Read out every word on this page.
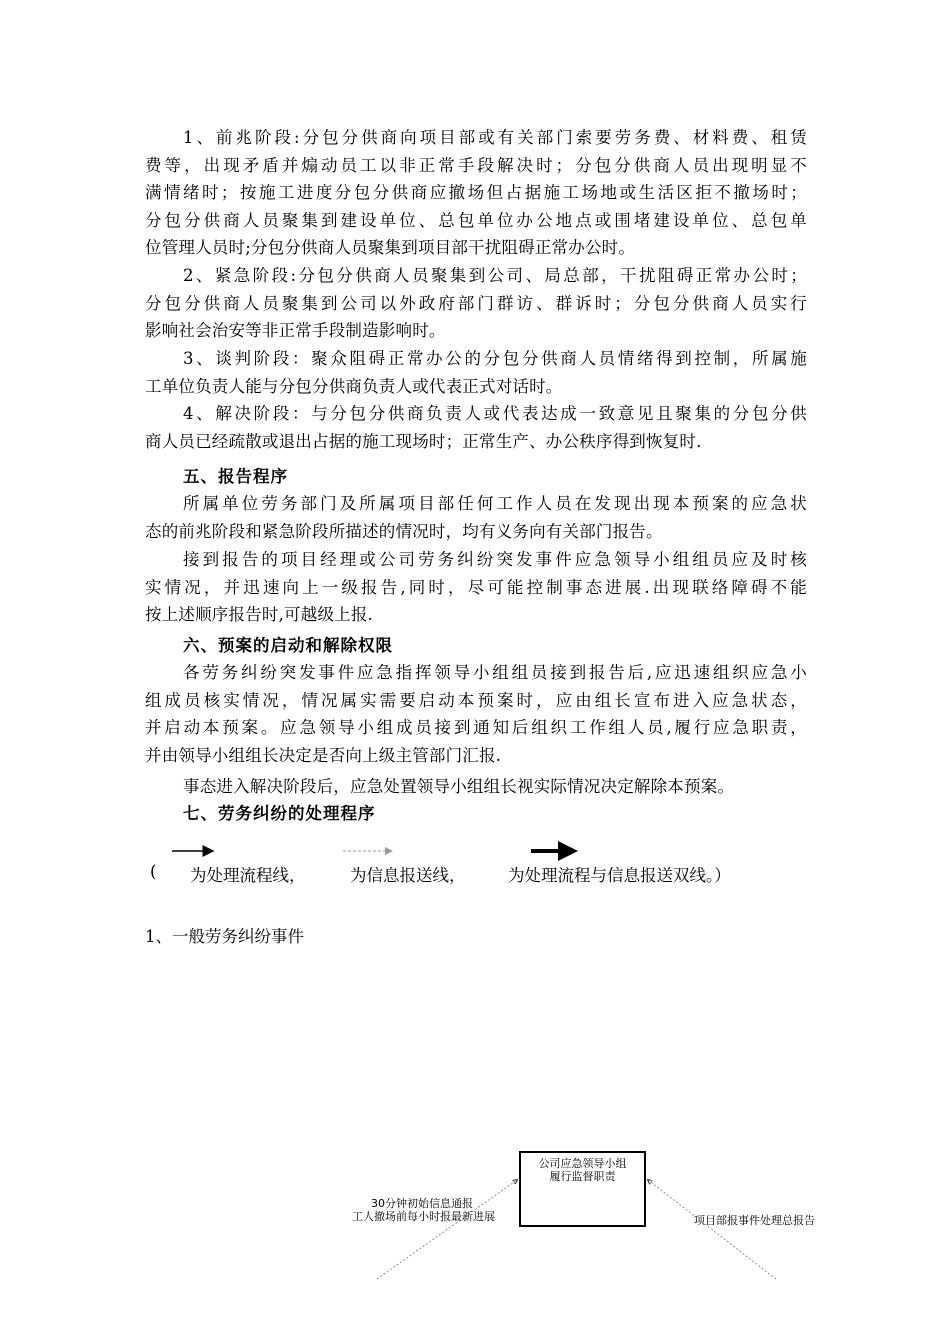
1、前兆阶段:分包分供商向项目部或有关部门索要劳务费、材料费、租赁
费等，出现矛盾并煽动员工以非正常手段解决时；分包分供商人员出现明显不
满情绪时；按施工进度分包分供商应撤场但占据施工场地或生活区拒不撤场时；
分包分供商人员聚集到建设单位、总包单位办公地点或围堵建设单位、总包单
位管理人员时;分包分供商人员聚集到项目部干扰阻碍正常办公时。
2、紧急阶段:分包分供商人员聚集到公司、局总部，干扰阻碍正常办公时；
分包分供商人员聚集到公司以外政府部门群访、群诉时；分包分供商人员实行
影响社会治安等非正常手段制造影响时。
3、谈判阶段：聚众阻碍正常办公的分包分供商人员情绪得到控制，所属施
工单位负责人能与分包分供商负责人或代表正式对话时。
4、解决阶段：与分包分供商负责人或代表达成一致意见且聚集的分包分供
商人员已经疏散或退出占据的施工现场时；正常生产、办公秩序得到恢复时.
五、报告程序
所属单位劳务部门及所属项目部任何工作人员在发现出现本预案的应急状
态的前兆阶段和紧急阶段所描述的情况时，均有义务向有关部门报告。
接到报告的项目经理或公司劳务纠纷突发事件应急领导小组组员应及时核
实情况，并迅速向上一级报告,同时，尽可能控制事态进展.出现联络障碍不能
按上述顺序报告时,可越级上报.
六、预案的启动和解除权限
各劳务纠纷突发事件应急指挥领导小组组员接到报告后,应迅速组织应急小
组成员核实情况，情况属实需要启动本预案时，应由组长宣布进入应急状态，
并启动本预案。应急领导小组成员接到通知后组织工作组人员,履行应急职责，
并由领导小组组长决定是否向上级主管部门汇报.
事态进入解决阶段后，应急处置领导小组组长视实际情况决定解除本预案。
七、劳务纠纷的处理程序
( 为处理流程线，	为信息报送线，	为处理流程与信息报送双线。）
1、一般劳务纠纷事件
公司应急领导小组
履行监督职责
30分钟初始信息通报
工人撤场前每小时报最新进展	项目部报事件处理总报告
